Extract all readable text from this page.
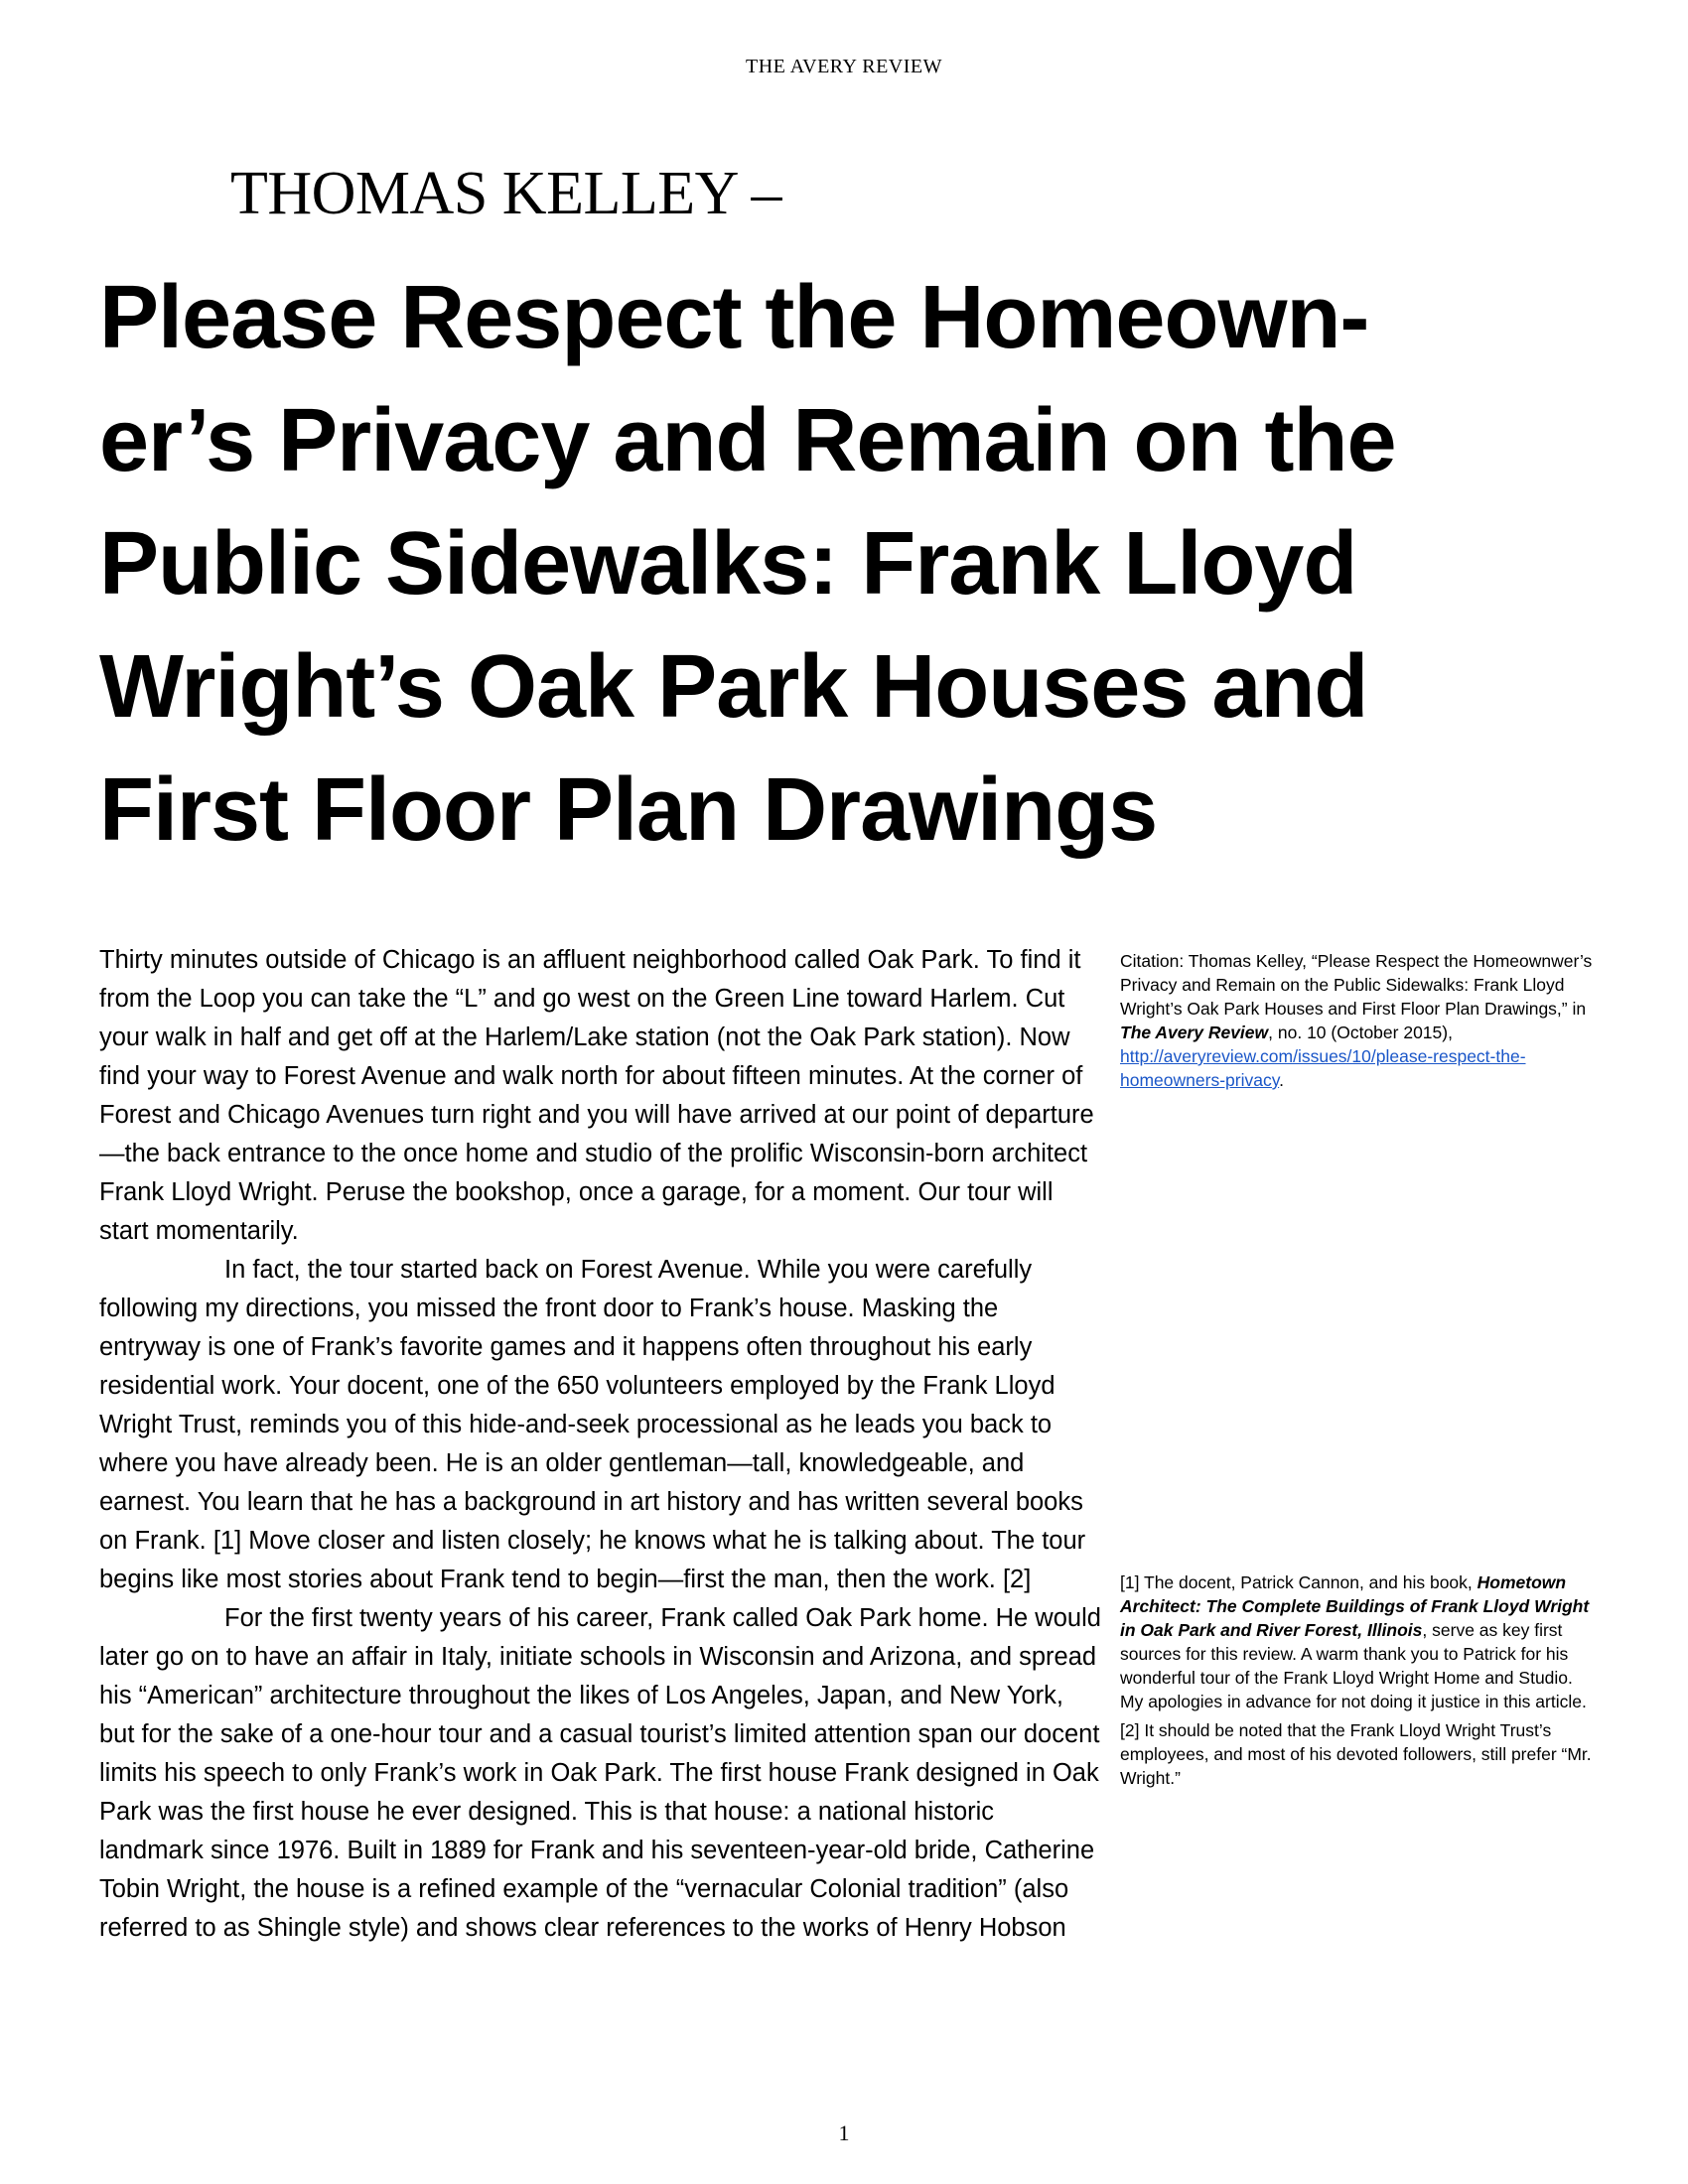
THE AVERY REVIEW
THOMAS KELLEY –
Please Respect the Homeown-
er’s Privacy and Remain on the
Public Sidewalks: Frank Lloyd
Wright’s Oak Park Houses and
First Floor Plan Drawings

Thirty minutes outside of Chicago is an affluent neighborhood called Oak Park. To find it from the Loop you can take the “L” and go west on the Green Line toward Harlem. Cut your walk in half and get off at the Harlem/Lake station (not the Oak Park station). Now find your way to Forest Avenue and walk north for about fifteen minutes. At the corner of Forest and Chicago Avenues turn right and you will have arrived at our point of departure—the back entrance to the once home and studio of the prolific Wisconsin-born architect Frank Lloyd Wright. Peruse the bookshop, once a garage, for a moment. Our tour will start momentarily.

In fact, the tour started back on Forest Avenue. While you were carefully following my directions, you missed the front door to Frank’s house. Masking the entryway is one of Frank’s favorite games and it happens often throughout his early residential work. Your docent, one of the 650 volunteers employed by the Frank Lloyd Wright Trust, reminds you of this hide-and-seek processional as he leads you back to where you have already been. He is an older gentleman—tall, knowledgeable, and earnest. You learn that he has a background in art history and has written several books on Frank. [1] Move closer and listen closely; he knows what he is talking about. The tour begins like most stories about Frank tend to begin—first the man, then the work. [2]

For the first twenty years of his career, Frank called Oak Park home. He would later go on to have an affair in Italy, initiate schools in Wisconsin and Arizona, and spread his “American” architecture throughout the likes of Los Angeles, Japan, and New York, but for the sake of a one-hour tour and a casual tourist’s limited attention span our docent limits his speech to only Frank’s work in Oak Park. The first house Frank designed in Oak Park was the first house he ever designed. This is that house: a national historic landmark since 1976. Built in 1889 for Frank and his seventeen-year-old bride, Catherine Tobin Wright, the house is a refined example of the “vernacular Colonial tradition” (also referred to as Shingle style) and shows clear references to the works of Henry Hobson

Citation: Thomas Kelley, “Please Respect the Homeownwer’s Privacy and Remain on the Public Sidewalks: Frank Lloyd Wright’s Oak Park Houses and First Floor Plan Drawings,” in The Avery Review, no. 10 (October 2015), http://averyreview.com/issues/10/please-respect-the-homeowners-privacy.

[1] The docent, Patrick Cannon, and his book, Hometown Architect: The Complete Buildings of Frank Lloyd Wright in Oak Park and River Forest, Illinois, serve as key first sources for this review. A warm thank you to Patrick for his wonderful tour of the Frank Lloyd Wright Home and Studio. My apologies in advance for not doing it justice in this article.

[2] It should be noted that the Frank Lloyd Wright Trust’s employees, and most of his devoted followers, still prefer “Mr. Wright.”

1
